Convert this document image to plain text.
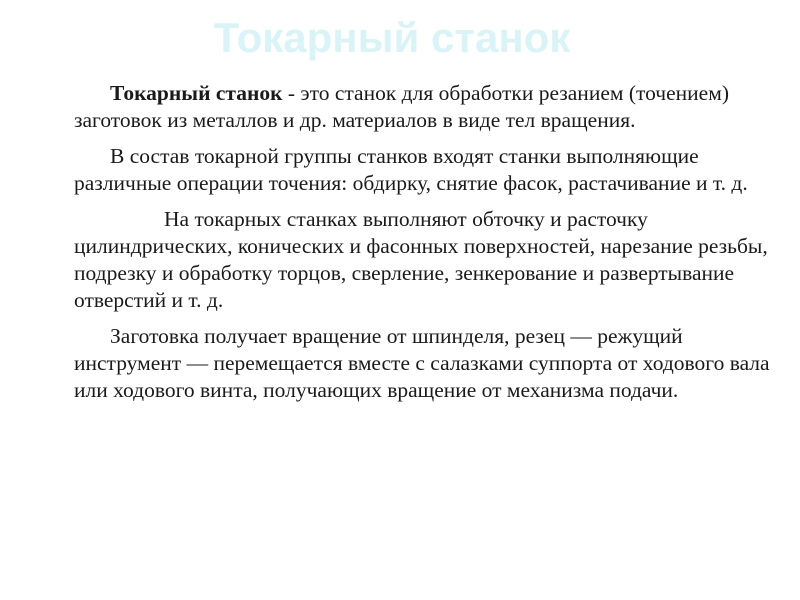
Токарный станок

Токарный станок - это станок для обработки резанием (точением) заготовок из металлов и др. материалов в виде тел вращения.

В состав токарной группы станков входят станки выполняющие различные операции точения: обдирку, снятие фасок, растачивание и т. д.

На токарных станках выполняют обточку и расточку цилиндрических, конических и фасонных поверхностей, нарезание резьбы, подрезку и обработку торцов, сверление, зенкерование и развертывание отверстий и т. д.

Заготовка получает вращение от шпинделя, резец — режущий инструмент — перемещается вместе с салазками суппорта от ходового вала или ходового винта, получающих вращение от механизма подачи.
